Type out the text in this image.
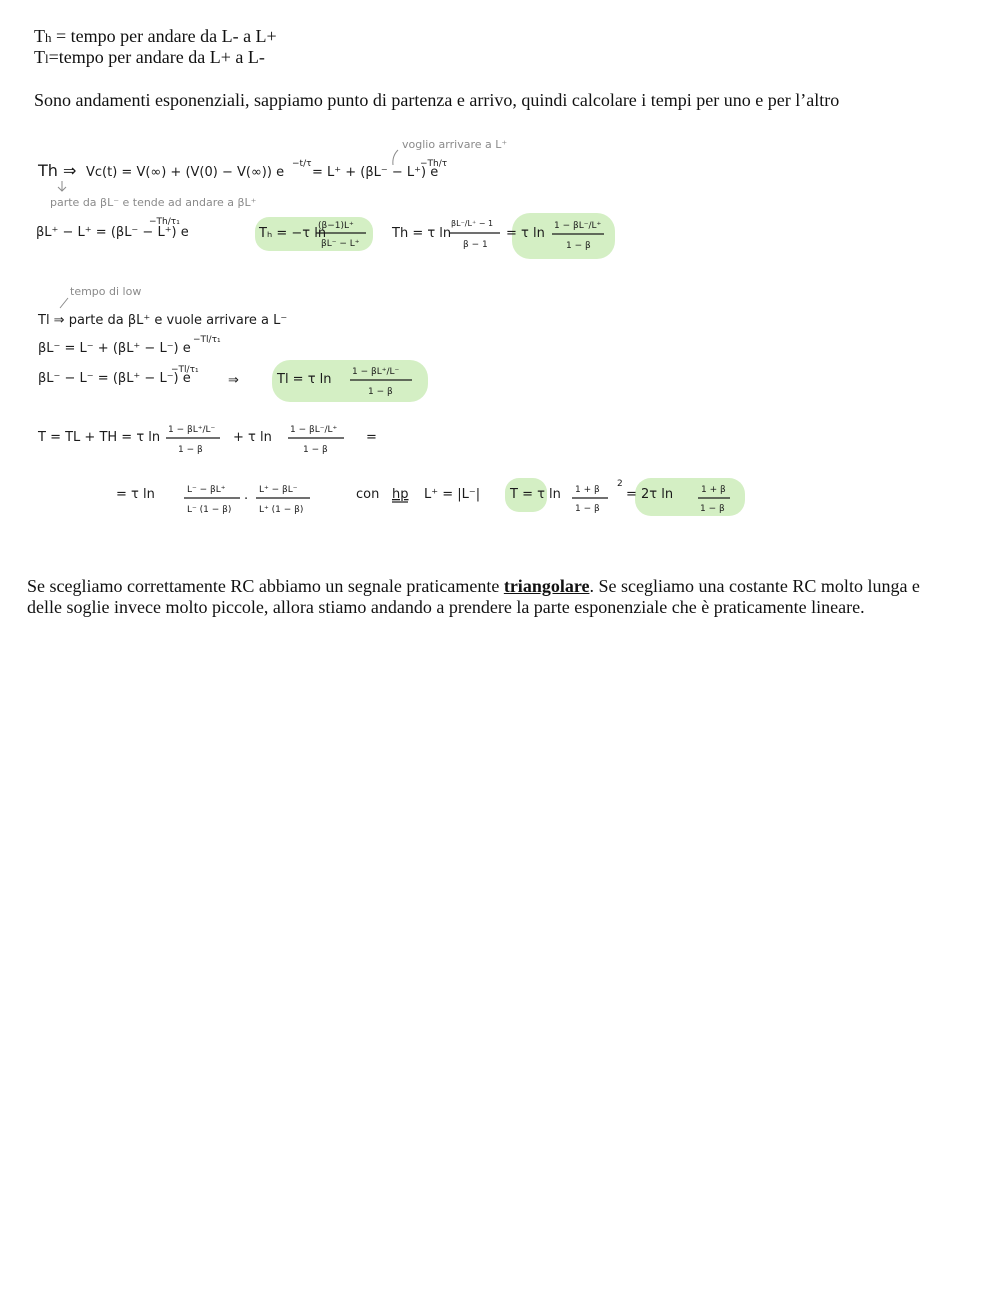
Th = tempo per andare da L- a L+
Tl=tempo per andare da L+ a L-
Sono andamenti esponenziali, sappiamo punto di partenza e arrivo, quindi calcolare i tempi per uno e per l’altro
voglio arrivare a L⁺
parte da βL⁻ e tende ad andare a βL⁺
tempo di low
Th ⇒ Vc(t) = V(∞) + (V(0) − V(∞)) e
−t/τ
= L⁺ + (βL⁻ − L⁺) e
−Th/τ
βL⁺ − L⁺ = (βL⁻ − L⁺) e
−Th/τ₁
Tₕ = −τ ln
(β−1)L⁺
βL⁻ − L⁺
Th = τ ln
βL⁻/L⁺ − 1
β − 1
= τ ln 1 − βL⁻/L⁺
1 − β
Tl ⇒ parte da βL⁺ e vuole arrivare a L⁻
βL⁻ = L⁻ + (βL⁺ − L⁻) e
−Tl/τ₁
βL⁻ − L⁻ = (βL⁺ − L⁻) e
−Tl/τ₁
⇒	Tl = τ ln 1 − βL⁺/L⁻
1 − β
T = TL + TH = τ ln 1 − βL⁺/L⁻
1 − β
+ τ ln 1 − βL⁻/L⁺
1 − β
=
= τ ln	L⁻ − βL⁺
L⁻ (1 − β)
·
L⁺ − βL⁻
L⁺ (1 − β)
con hp L⁺ = |L⁻| T = τ ln 1 + β
1 − β
2
= 2τ ln	1 + β
1 − β
Se scegliamo correttamente RC abbiamo un segnale praticamente triangolare. Se scegliamo una costante RC molto lunga e delle soglie invece molto piccole, allora stiamo andando a prendere la parte esponenziale che è praticamente lineare.
